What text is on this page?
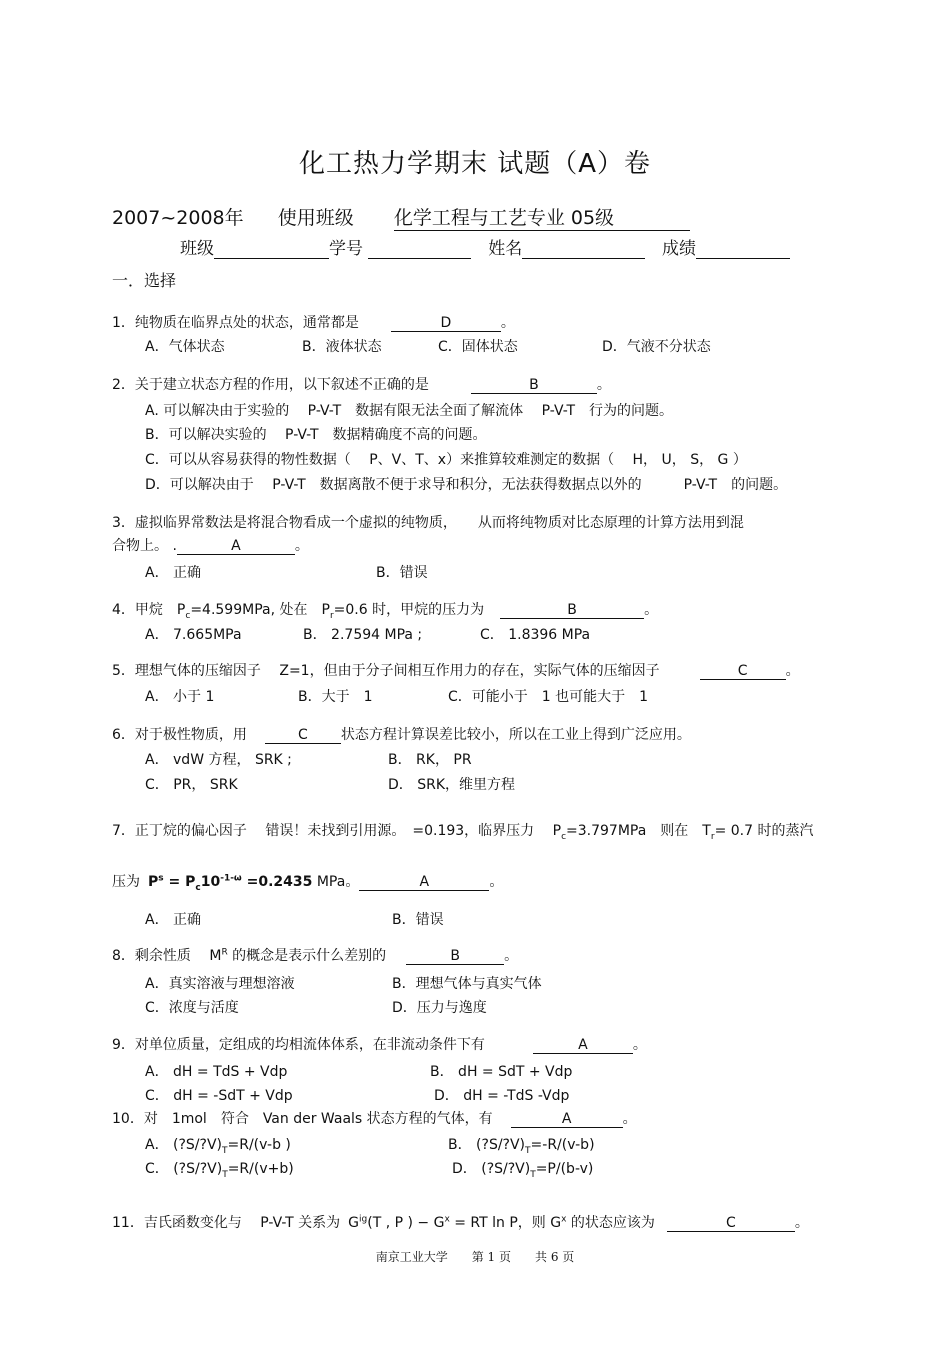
化工热力学期末 试题（A）卷
2007~2008年 使用班级 化学工程与工艺专业 05级
班级	学号	姓名	成绩
一．选择
1．纯物质在临界点处的状态，通常都是	D	。
A．气体状态	B．液体状态	C．固体状态	D．气液不分状态
2．关于建立状态方程的作用，以下叙述不正确的是	B	。
A. 可以解决由于实验的　 P-V-T　数据有限无法全面了解流体　 P-V-T　行为的问题。
B．可以解决实验的　 P-V-T　数据精确度不高的问题。
C．可以从容易获得的物性数据（　 P、V、T、x）来推算较难测定的数据（　 H， U， S， G ）
D．可以解决由于　 P-V-T　数据离散不便于求导和积分，无法获得数据点以外的　　　P-V-T　的问题。
3．虚拟临界常数法是将混合物看成一个虚拟的纯物质，　　从而将纯物质对比态原理的计算方法用到混
合物上。 .	A	。
A． 正确	B．错误
4．甲烷　$P_c=4.599MPa$, 处在　$P_r=0.6$ 时，甲烷的压力为	B	。
A． 7.665MPa	B． 2.7594 MPa ;	C． 1.8396 MPa
5．理想气体的压缩因子　 Z=1，但由于分子间相互作用力的存在，实际气体的压缩因子	C	。
A． 小于 1	B．大于　1	C．可能小于　1 也可能大于　1
6．对于极性物质，用	C 状态方程计算误差比较小，所以在工业上得到广泛应用。
A． vdW 方程， SRK ;	B． RK， PR
C． PR， SRK	D． SRK，维里方程
7．正丁烷的偏心因子　 错误！未找到引用源。　=0.193，临界压力　 $P_c=3.797MPa$　则在　$T_r= 0.7$ 时的蒸汽
压为 $P^s = P_c10^{-1-\omega} =0.2435$ MPa。	A	。
A． 正确	B．错误
8．剩余性质　 $M^R$ 的概念是表示什么差别的	B	。
A．真实溶液与理想溶液	B．理想气体与真实气体
C．浓度与活度	D．压力与逸度
9．对单位质量，定组成的均相流体体系，在非流动条件下有	A	。
A． dH = TdS + Vdp	B． dH = SdT + Vdp
C． dH = -SdT + Vdp	D． dH = -TdS -Vdp
10．对　1mol　符合　Van der Waals 状态方程的气体，有	A	。
A． $(?S/?V)_T=R/(v-b$ )	B． $(?S/?V)_T=-R/(v-b)$
C． $(?S/?V)_T=R/(v+b)$	D． $(?S/?V)_T=P/(b-v)$
11．吉氏函数变化与　 P-V-T 关系为 $G^{ig}(T$ , P ) − $G^x$ = RT ln P，则 $G^x$ 的状态应该为	C	。
南京工业大学　　第 1 页　　共 6 页
